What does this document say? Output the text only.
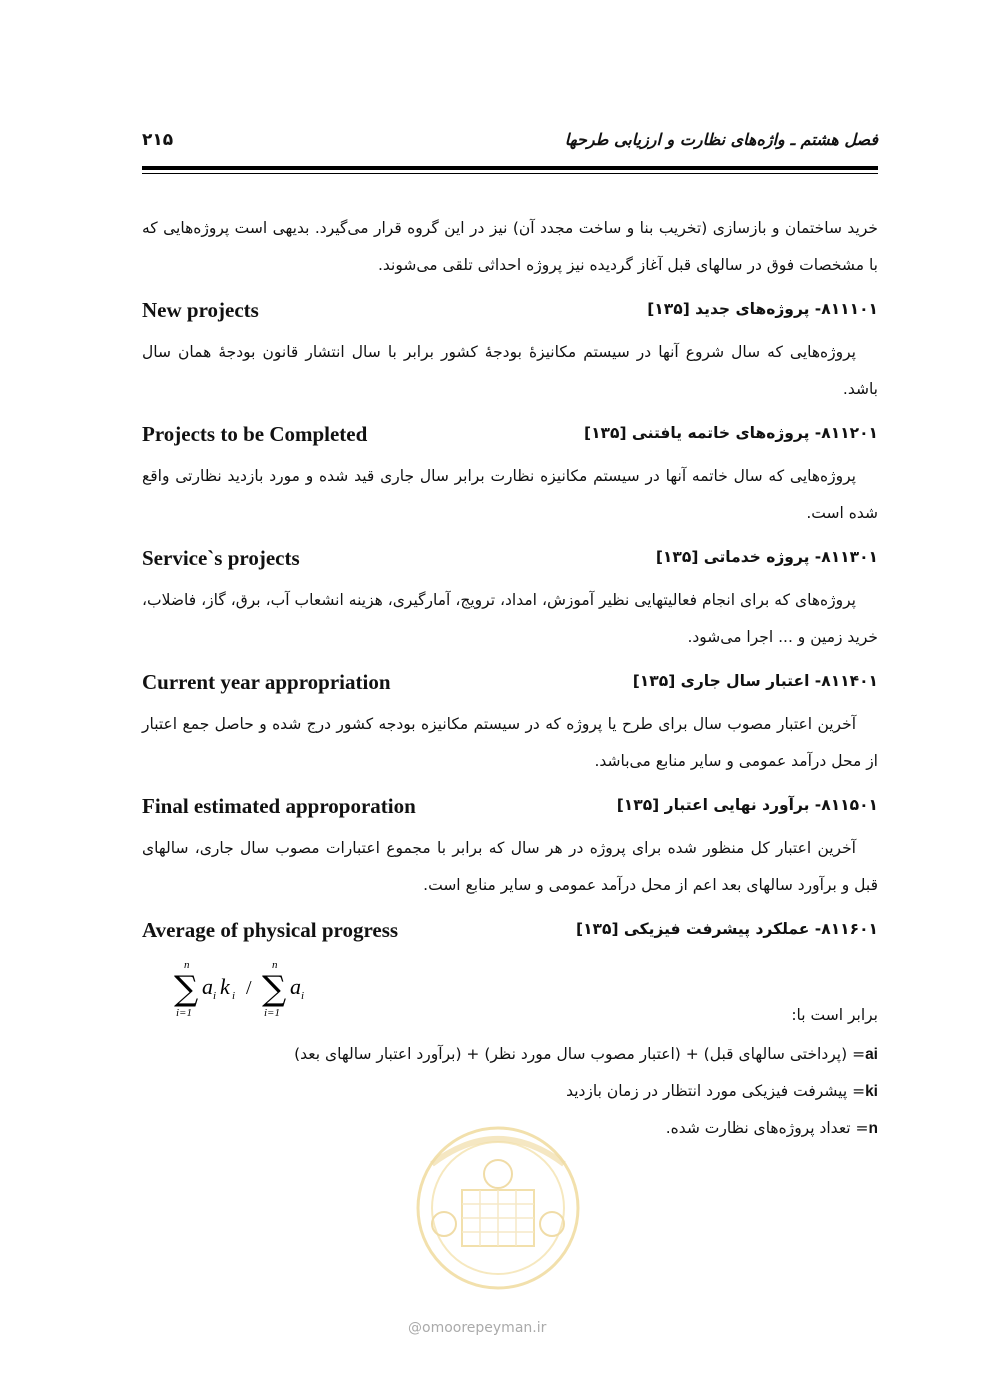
۲۱۵	فصل هشتم ـ واژه‌های نظارت و ارزیابی طرحها

خرید ساختمان و بازسازی (تخریب بنا و ساخت مجدد آن) نیز در این گروه قرار می‌گیرد. بدیهی است پروژه‌هایی که با مشخصات فوق در سالهای قبل آغاز گردیده نیز پروژه احداثی تلقی می‌شوند.

New projects	۸۱۱۱۰۱- پروژه‌های جدید [۱۳۵]

پروژه‌هایی که سال شروع آنها در سیستم مکانیزهٔ بودجهٔ کشور برابر با سال انتشار قانون بودجهٔ همان سال باشد.

Projects to be Completed	۸۱۱۲۰۱- پروژه‌های خاتمه یافتنی [۱۳۵]

پروژه‌هایی که سال خاتمه آنها در سیستم مکانیزه نظارت برابر سال جاری قید شده و مورد بازدید نظارتی واقع شده است.

Service`s projects	۸۱۱۳۰۱- پروژه خدماتی [۱۳۵]

پروژه‌های که برای انجام فعالیتهایی نظیر آموزش، امداد، ترویج، آمارگیری، هزینه انشعاب آب، برق، گاز، فاضلاب، خرید زمین و ... اجرا می‌شود.

Current year appropriation	۸۱۱۴۰۱- اعتبار سال جاری [۱۳۵]

آخرین اعتبار مصوب سال برای طرح یا پروژه که در سیستم مکانیزه بودجه کشور درج شده و حاصل جمع اعتبار از محل درآمد عمومی و سایر منابع می‌باشد.

Final estimated approporation	۸۱۱۵۰۱- برآورد نهایی اعتبار [۱۳۵]

آخرین اعتبار کل منظور شده برای پروژه در هر سال که برابر با مجموع اعتبارات مصوب سال جاری، سالهای قبل و برآورد سالهای بعد اعم از محل درآمد عمومی و سایر منابع است.

Average of physical progress	۸۱۱۶۰۱- عملکرد پیشرفت فیزیکی [۱۳۵]
n
∑
i=1
a i k i /
n
∑
i=1
a i
برابر است با:
ai= (پرداختی سالهای قبل) + (اعتبار مصوب سال مورد نظر) + (برآورد اعتبار سالهای بعد)
ki= پیشرفت فیزیکی مورد انتظار در زمان بازدید
n= تعداد پروژه‌های نظارت شده.
@omoorepeyman.ir
